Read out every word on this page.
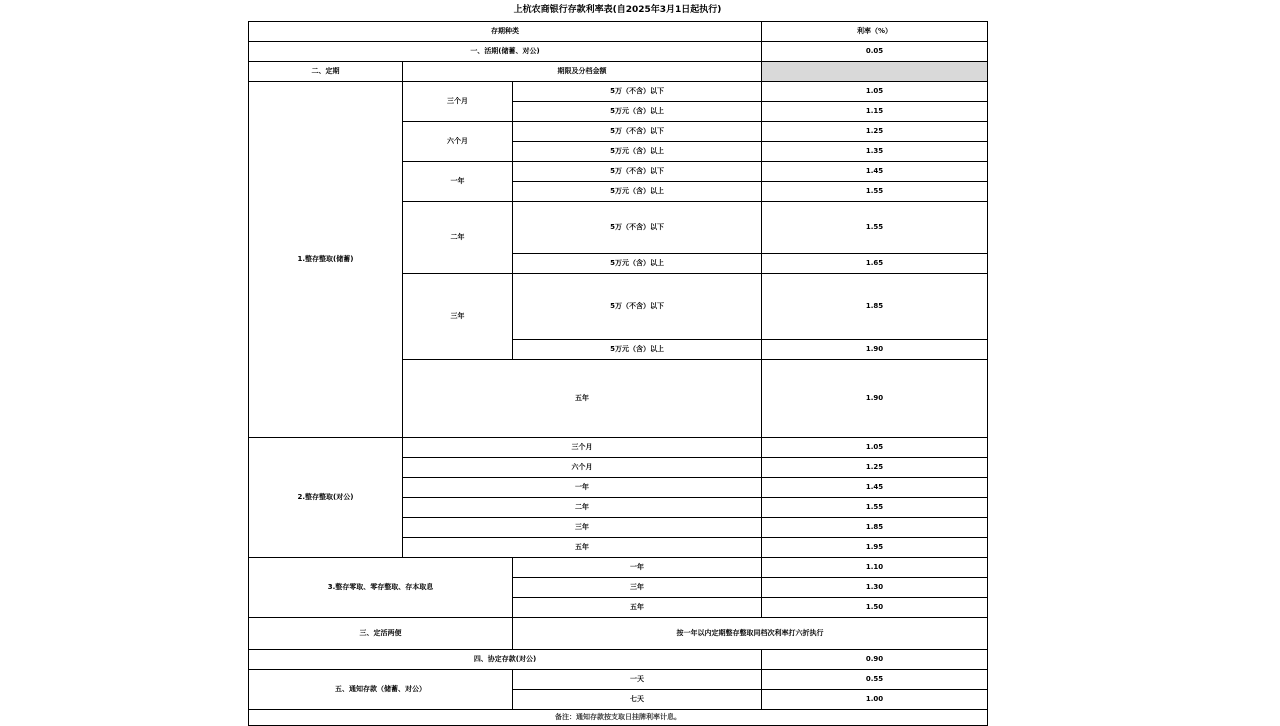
上杭农商银行存款利率表(自2025年3月1日起执行)
存期种类			利率（%）
一、活期(储蓄、对公)			0.05
二、定期	期限及分档金额		
1.整存整取(储蓄)	三个月	5万（不含）以下	1.05
		5万元（含）以上	1.15
	六个月	5万（不含）以下	1.25
		5万元（含）以上	1.35
	一年	5万（不含）以下	1.45
		5万元（含）以上	1.55
	二年	5万（不含）以下	1.55
		5万元（含）以上	1.65
	三年	5万（不含）以下	1.85
		5万元（含）以上	1.90
	五年		1.90
2.整存整取(对公)	三个月		1.05
	六个月		1.25
	一年		1.45
	二年		1.55
	三年		1.85
	五年		1.95
3.整存零取、零存整取、存本取息		一年	1.10
		三年	1.30
		五年	1.50
三、定活两便		按一年以内定期整存整取同档次利率打六折执行	
四、协定存款(对公)			0.90
五、通知存款（储蓄、对公）		一天	0.55
		七天	1.00
备注：通知存款按支取日挂牌利率计息。			
